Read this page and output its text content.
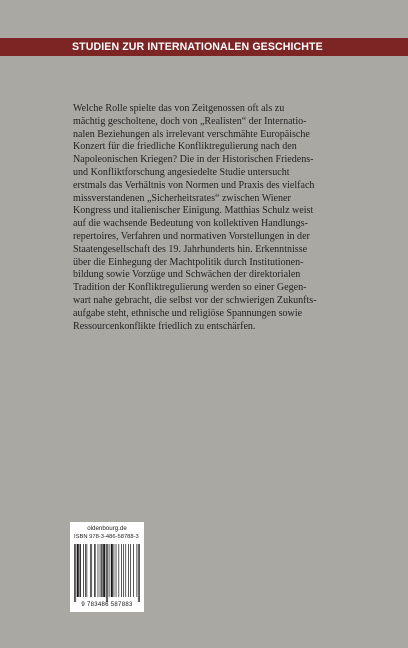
STUDIEN ZUR INTERNATIONALEN GESCHICHTE

Welche Rolle spielte das von Zeitgenossen oft als zu
mächtig gescholtene, doch von „Realisten“ der Internatio-
nalen Beziehungen als irrelevant verschmähte Europäische
Konzert für die friedliche Konfliktregulierung nach den
Napoleonischen Kriegen? Die in der Historischen Friedens-
und Konfliktforschung angesiedelte Studie untersucht
erstmals das Verhältnis von Normen und Praxis des vielfach
missverstandenen „Sicherheitsrates“ zwischen Wiener
Kongress und italienischer Einigung. Matthias Schulz weist
auf die wachsende Bedeutung von kollektiven Handlungs-
repertoires, Verfahren und normativen Vorstellungen in der
Staatengesellschaft des 19. Jahrhunderts hin. Erkenntnisse
über die Einhegung der Machtpolitik durch Institutionen-
bildung sowie Vorzüge und Schwächen der direktorialen
Tradition der Konfliktregulierung werden so einer Gegen-
wart nahe gebracht, die selbst vor der schwierigen Zukunfts-
aufgabe steht, ethnische und religiöse Spannungen sowie
Ressourcenkonflikte friedlich zu entschärfen.

oldenbourg.de
ISBN 978-3-486-58788-3
9 783486 587883
